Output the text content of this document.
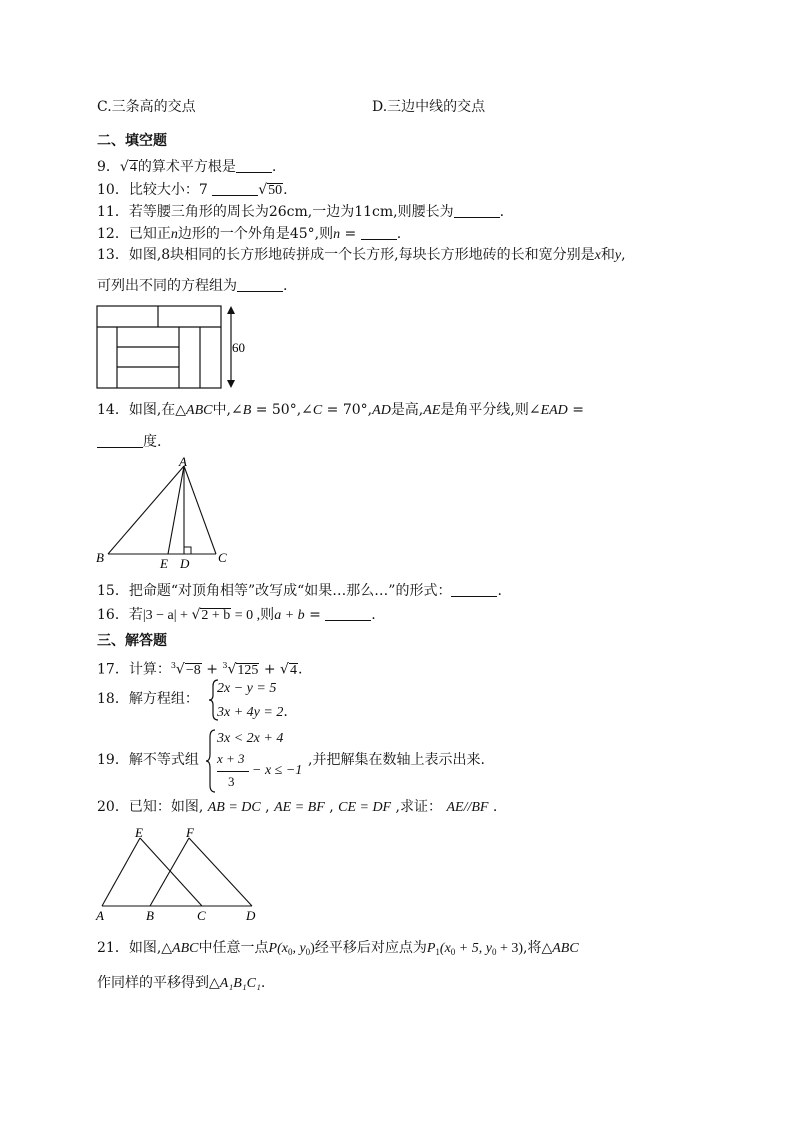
C.三条高的交点	D.三边中线的交点
二、填空题
9．√4的算术平方根是	.
10．比较大小：7	√50.
11．若等腰三角形的周长为26cm,一边为11cm,则腰长为	.
12．已知正n边形的一个外角是45°,则n =	.
13．如图,8块相同的长方形地砖拼成一个长方形,每块长方形地砖的长和宽分别是x和y,
可列出不同的方程组为	.
60
14．如图,在△ABC中,∠B = 50°,∠C = 70°,AD是高,AE是角平分线,则∠EAD =
度.
A
B	C
D
E
15．把命题“对顶角相等”改写成“如果…那么…”的形式：	.
16．若|3 − a| + √2 + b = 0 ,则a + b =	.
三、解答题
17．计算：$^3$√−8 + $^3$√125 + √4.
18．解方程组：
2x − y = 5
3x + 4y = 2.
19．解不等式组
3x < 2x + 4
x + 3
3
− x ≤ −1
,并把解集在数轴上表示出来.
20．已知：如图, AB = DC , AE = BF , CE = DF ,求证： AE//BF .
A	B	C	D
E	F
21．如图,△ABC中任意一点$P(x_0$, $y_0$)经平移后对应点为$P_1(x_0 + 5$, $y_0 + 3$),将△ABC
作同样的平移得到△A₁B₁C₁.
